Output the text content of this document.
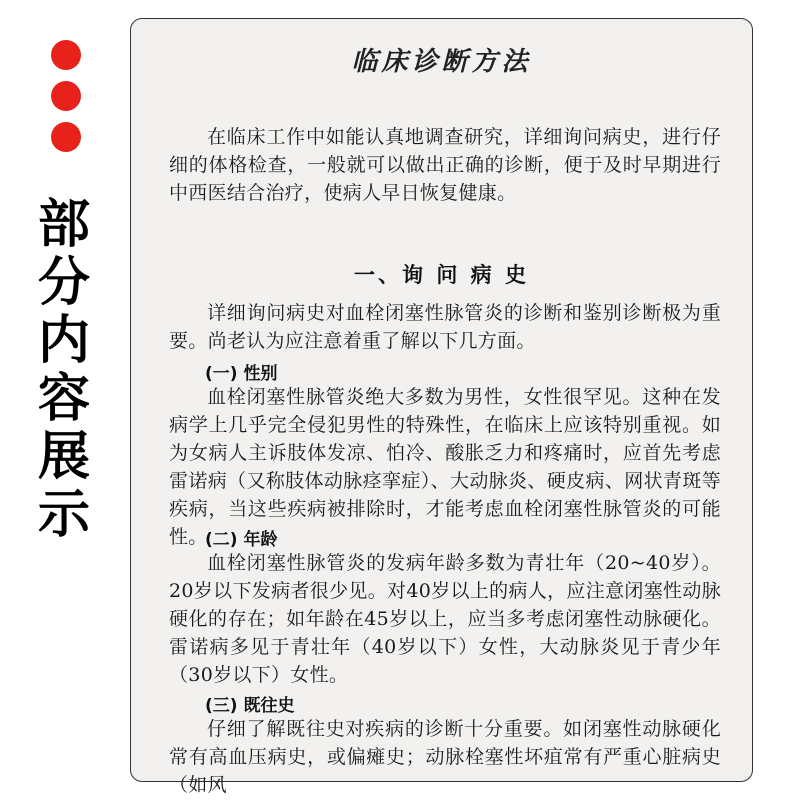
部
分
内
容
展
示
临床诊断方法

在临床工作中如能认真地调查研究，详细询问病史，进行仔细的体格检查，一般就可以做出正确的诊断，便于及时早期进行中西医结合治疗，使病人早日恢复健康。

一、询 问 病 史

详细询问病史对血栓闭塞性脉管炎的诊断和鉴别诊断极为重要。尚老认为应注意着重了解以下几方面。

(一) 性别

血栓闭塞性脉管炎绝大多数为男性，女性很罕见。这种在发病学上几乎完全侵犯男性的特殊性，在临床上应该特别重视。如为女病人主诉肢体发凉、怕冷、酸胀乏力和疼痛时，应首先考虑雷诺病（又称肢体动脉痉挛症）、大动脉炎、硬皮病、网状青斑等疾病，当这些疾病被排除时，才能考虑血栓闭塞性脉管炎的可能性。

(二) 年龄

血栓闭塞性脉管炎的发病年龄多数为青壮年（20~40岁）。20岁以下发病者很少见。对40岁以上的病人，应注意闭塞性动脉硬化的存在；如年龄在45岁以上，应当多考虑闭塞性动脉硬化。雷诺病多见于青壮年（40岁以下）女性，大动脉炎见于青少年（30岁以下）女性。

(三) 既往史

仔细了解既往史对疾病的诊断十分重要。如闭塞性动脉硬化常有高血压病史，或偏瘫史；动脉栓塞性坏疽常有严重心脏病史（如风
